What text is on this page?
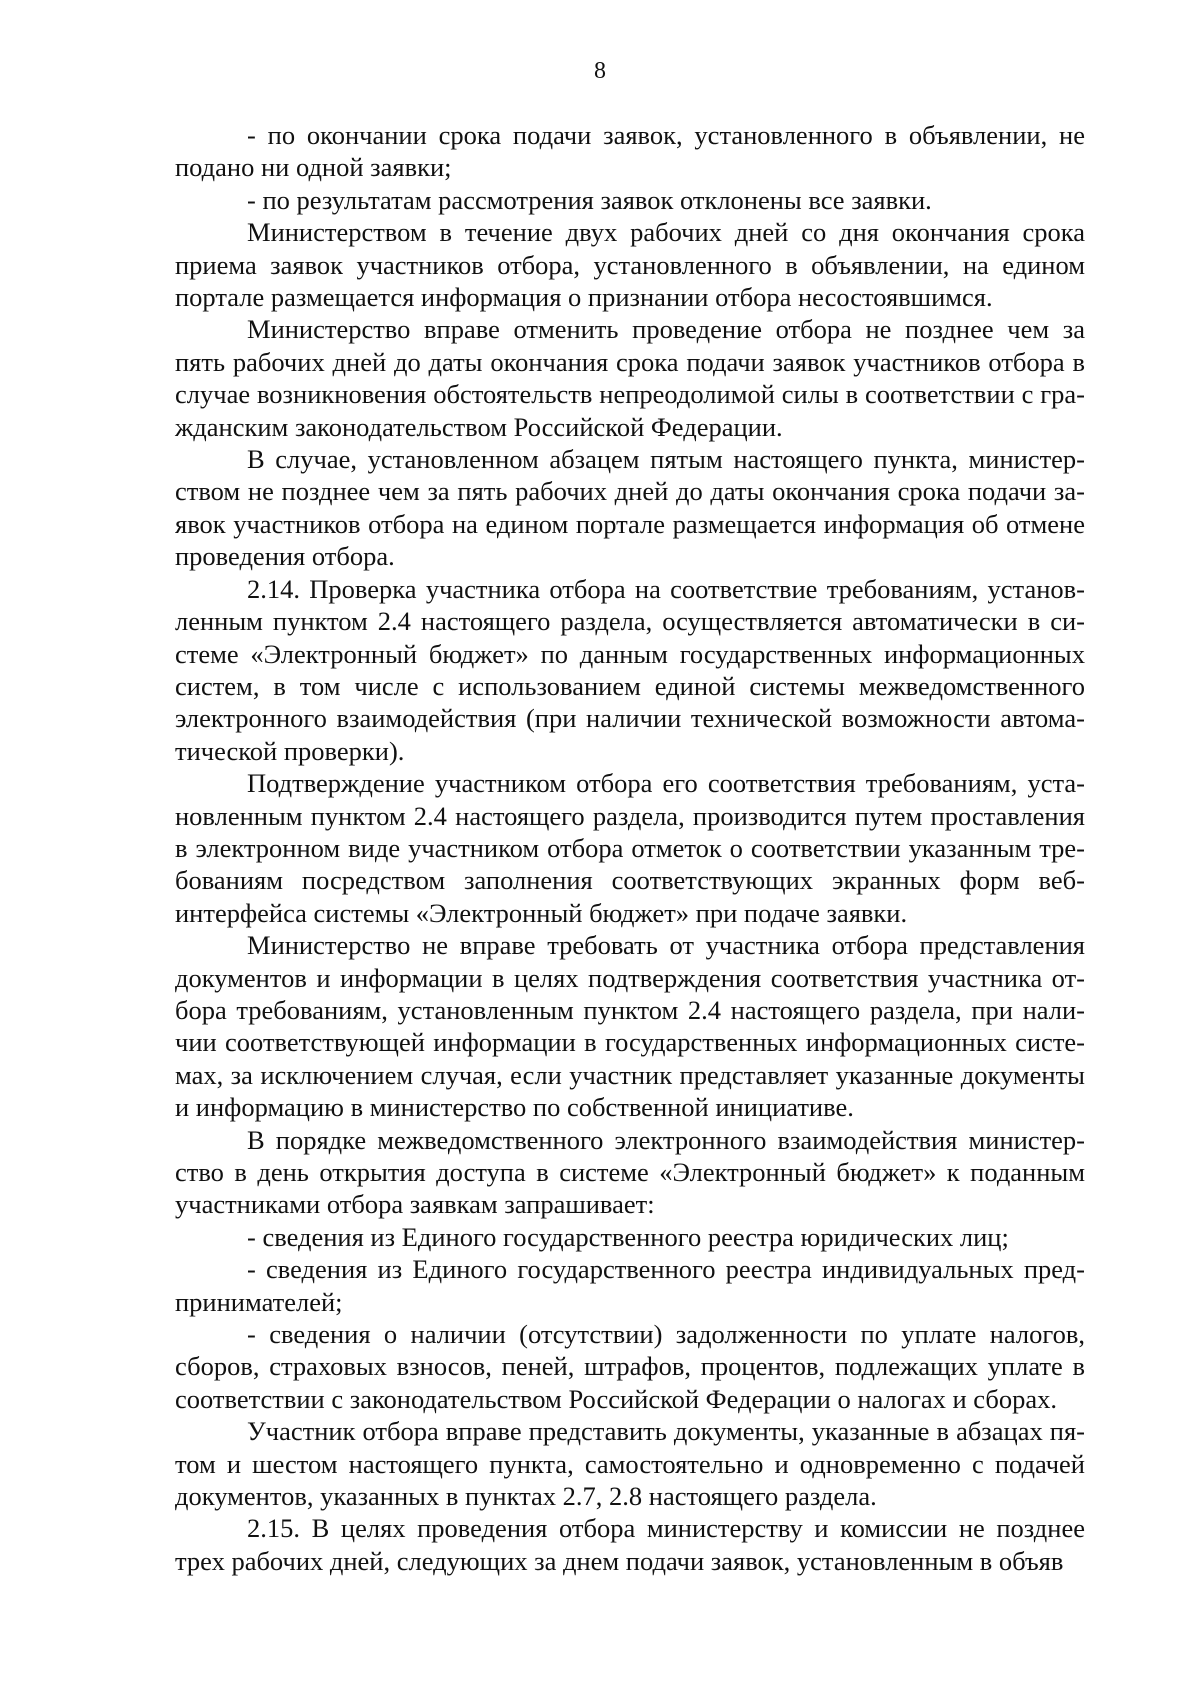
8

- по окончании срока подачи заявок, установленного в объявлении, не подано ни одной заявки;

- по результатам рассмотрения заявок отклонены все заявки.

Министерством в течение двух рабочих дней со дня окончания срока приема заявок участников отбора, установленного в объявлении, на едином портале размещается информация о признании отбора несостоявшимся.

Министерство вправе отменить проведение отбора не позднее чем за пять рабочих дней до даты окончания срока подачи заявок участников отбора в случае возникновения обстоятельств непреодолимой силы в соответствии с гражданским законодательством Российской Федерации.

В случае, установленном абзацем пятым настоящего пункта, министерством не позднее чем за пять рабочих дней до даты окончания срока подачи заявок участников отбора на едином портале размещается информация об отмене проведения отбора.

2.14. Проверка участника отбора на соответствие требованиям, установленным пунктом 2.4 настоящего раздела, осуществляется автоматически в системе «Электронный бюджет» по данным государственных информационных систем, в том числе с использованием единой системы межведомственного электронного взаимодействия (при наличии технической возможности автоматической проверки).

Подтверждение участником отбора его соответствия требованиям, установленным пунктом 2.4 настоящего раздела, производится путем проставления в электронном виде участником отбора отметок о соответствии указанным требованиям посредством заполнения соответствующих экранных форм веб-интерфейса системы «Электронный бюджет» при подаче заявки.

Министерство не вправе требовать от участника отбора представления документов и информации в целях подтверждения соответствия участника отбора требованиям, установленным пунктом 2.4 настоящего раздела, при наличии соответствующей информации в государственных информационных системах, за исключением случая, если участник представляет указанные документы и информацию в министерство по собственной инициативе.

В порядке межведомственного электронного взаимодействия министерство в день открытия доступа в системе «Электронный бюджет» к поданным участниками отбора заявкам запрашивает:

- сведения из Единого государственного реестра юридических лиц;

- сведения из Единого государственного реестра индивидуальных предпринимателей;

- сведения о наличии (отсутствии) задолженности по уплате налогов, сборов, страховых взносов, пеней, штрафов, процентов, подлежащих уплате в соответствии с законодательством Российской Федерации о налогах и сборах.

Участник отбора вправе представить документы, указанные в абзацах пятом и шестом настоящего пункта, самостоятельно и одновременно с подачей документов, указанных в пунктах 2.7, 2.8 настоящего раздела.

2.15. В целях проведения отбора министерству и комиссии не позднее трех рабочих дней, следующих за днем подачи заявок, установленным в объяв
